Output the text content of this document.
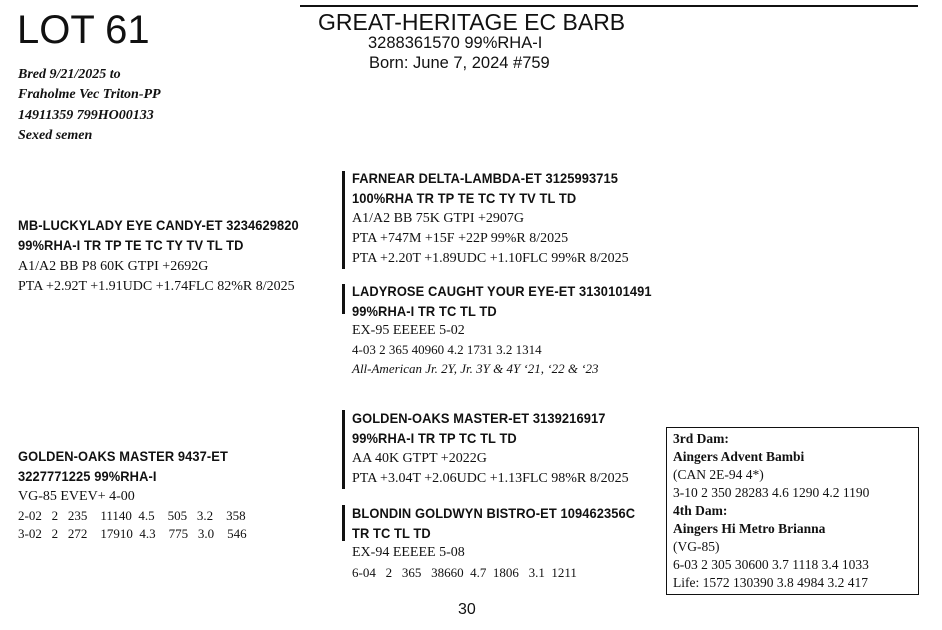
LOT 61	GREAT-HERITAGE EC BARB
3288361570 99%RHA-I
Born: June 7, 2024 #759
Bred 9/21/2025 to
Fraholme Vec Triton-PP
14911359 799HO00133
Sexed semen
MB-LUCKYLADY EYE CANDY-ET 3234629820
99%RHA-I TR TP TE TC TY TV TL TD
A1/A2 BB P8 60K GTPI +2692G
PTA +2.92T +1.91UDC +1.74FLC 82%R 8/2025
FARNEAR DELTA-LAMBDA-ET 3125993715
100%RHA TR TP TE TC TY TV TL TD
A1/A2 BB 75K GTPI +2907G
PTA +747M +15F +22P 99%R 8/2025
PTA +2.20T +1.89UDC +1.10FLC 99%R 8/2025
LADYROSE CAUGHT YOUR EYE-ET 3130101491
99%RHA-I TR TC TL TD
EX-95 EEEEE 5-02
4-03 2 365 40960 4.2 1731 3.2 1314
All-American Jr. 2Y, Jr. 3Y & 4Y ‘21, ‘22 & ‘23
GOLDEN-OAKS MASTER 9437-ET
3227771225 99%RHA-I
VG-85 EVEV+ 4-00
2-02   2   235    11140  4.5    505   3.2    358
3-02   2   272    17910  4.3    775   3.0    546
GOLDEN-OAKS MASTER-ET 3139216917
99%RHA-I TR TP TC TL TD
AA 40K GTPT +2022G
PTA +3.04T +2.06UDC +1.13FLC 98%R 8/2025
BLONDIN GOLDWYN BISTRO-ET 109462356C
TR TC TL TD
EX-94 EEEEE 5-08
6-04   2   365   38660  4.7  1806   3.1  1211
3rd Dam:
Aingers Advent Bambi
(CAN 2E-94 4*)
3-10 2 350 28283 4.6 1290 4.2 1190
4th Dam:
Aingers Hi Metro Brianna
(VG-85)
6-03 2 305 30600 3.7 1118 3.4 1033
Life: 1572 130390 3.8 4984 3.2 417
30
